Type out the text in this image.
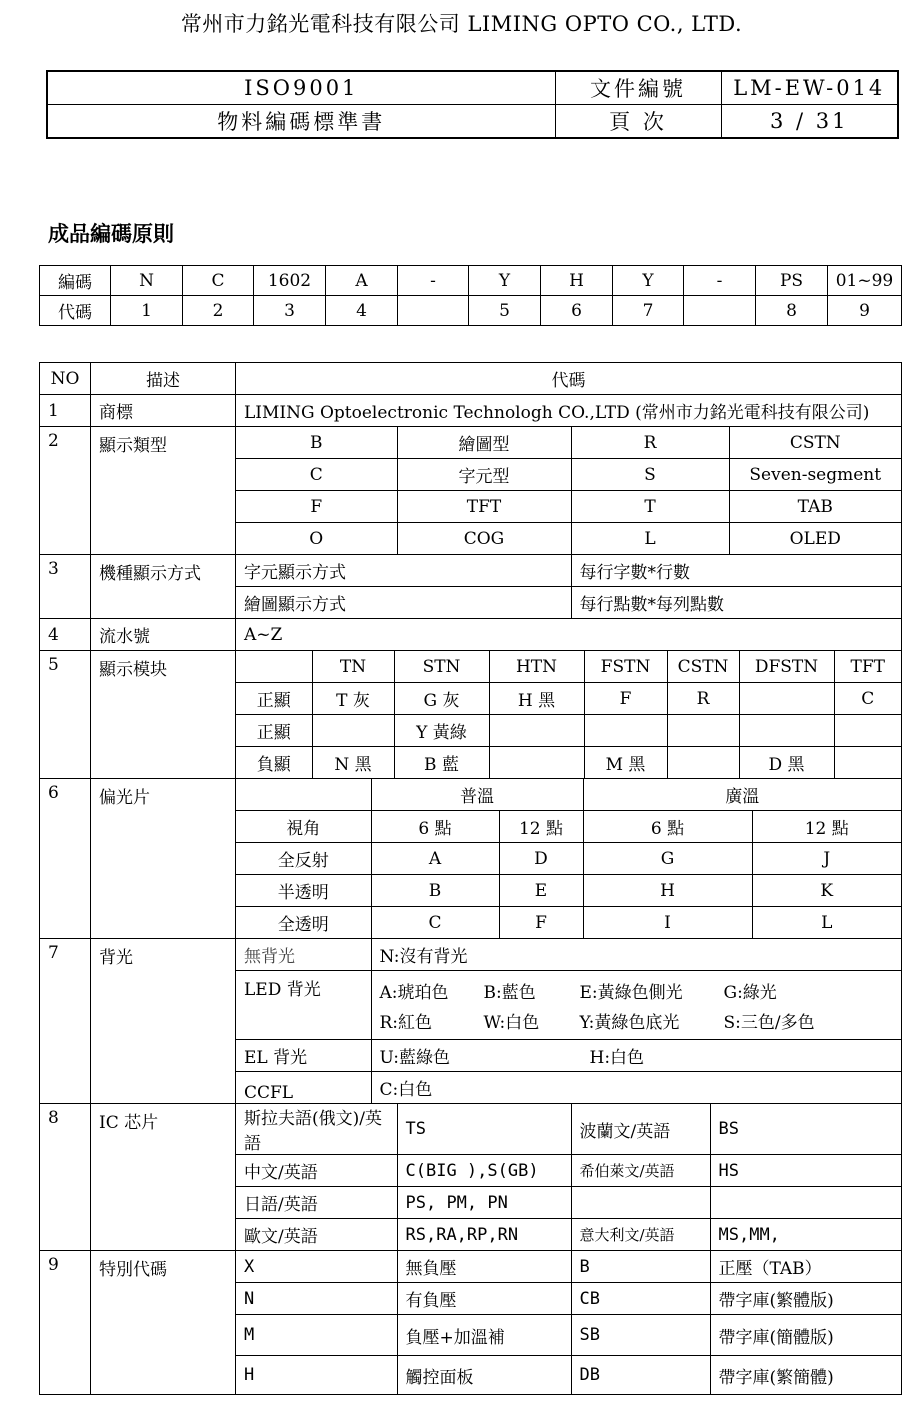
常州市力銘光電科技有限公司 LIMING OPTO CO., LTD.
ISO9001	文件編號	LM-EW-014
物料編碼標準書	頁 次	3 / 31
成品編碼原則
編碼	N	C	1602	A	-	Y	H	Y	-	PS	01~99
代碼	1	2	3	4		5	6	7		8	9
NO	描述	代碼
1	商標	LIMING Optoelectronic Technologh CO.,LTD (常州市力銘光電科技有限公司)
2	顯示類型		B	繪圖型	R	CSTN
C	字元型	S	Seven-segment
F	TFT	T	TAB
O	COG	L	OLED

3	機種顯示方式		字元顯示方式	每行字數*行數
繪圖顯示方式	每行點數*每列點數

4	流水號	A~Z
5	顯示模块	
		TN	STN	HTN	FSTN	CSTN	DFSTN	TFT
正顯	T 灰	G 灰	H 黑	F	R		C
正顯		Y 黃綠					
負顯	N 黑	B 藍		M 黑		D 黑	

6	偏光片	
		普溫	廣溫
視角	6 點	12 點	6 點	12 點
全反射	A	D	G	J
半透明	B	E	H	K
全透明	C	F	I	L

7	背光		無背光	N:沒有背光
LED 背光	A:琥珀色	B:藍色	E:黃綠色側光	G:綠光
R:紅色	W:白色	Y:黃綠色底光	S:三色/多色

EL 背光	U:藍綠色	H:白色
CCFL	C:白色

8	IC 芯片		斯拉夫語(俄文)/英語	TS	波蘭文/英語	BS
中文/英語	C(BIG ),S(GB)	希伯萊文/英語	HS
日語/英語	PS, PM, PN		
歐文/英語	RS,RA,RP,RN	意大利文/英語	MS,MM,

9	特別代碼		X	無負壓	B	正壓（TAB）
N	有負壓	CB	帶字庫(繁體版)
M	負壓+加溫補	SB	帶字庫(簡體版)
H	觸控面板	DB	帶字庫(繁簡體)
